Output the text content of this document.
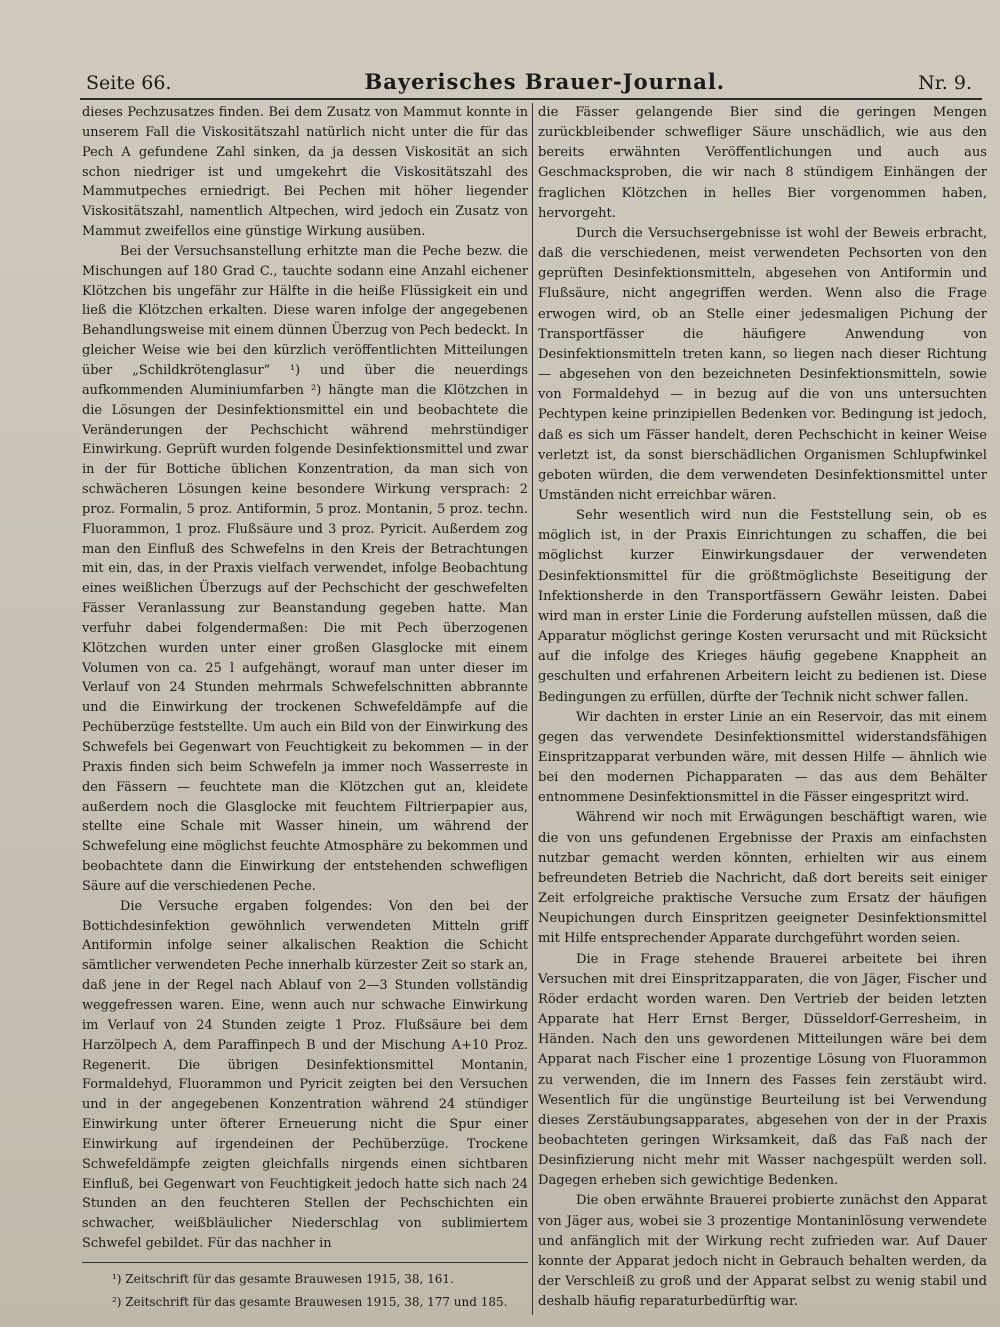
Seite 66.	Bayerisches Brauer-Journal.	Nr. 9.

dieses Pechzusatzes finden. Bei dem Zusatz von Mammut konnte in unserem Fall die Viskositätszahl natürlich nicht unter die für das Pech A gefundene Zahl sinken, da ja dessen Viskosität an sich schon niedriger ist und umgekehrt die Viskositätszahl des Mammutpeches erniedrigt. Bei Pechen mit höher liegender Viskositätszahl, namentlich Altpechen, wird jedoch ein Zusatz von Mammut zweifellos eine günstige Wirkung ausüben.

Bei der Versuchsanstellung erhitzte man die Peche bezw. die Mischungen auf 180 Grad C., tauchte sodann eine Anzahl eichener Klötzchen bis ungefähr zur Hälfte in die heiße Flüssigkeit ein und ließ die Klötzchen erkalten. Diese waren infolge der angegebenen Behandlungsweise mit einem dünnen Überzug von Pech bedeckt. In gleicher Weise wie bei den kürzlich veröffentlichten Mitteilungen über „Schildkrötenglasur“ ¹) und über die neuerdings aufkommenden Aluminiumfarben ²) hängte man die Klötzchen in die Lösungen der Desinfektionsmittel ein und beobachtete die Veränderungen der Pechschicht während mehrstündiger Einwirkung. Geprüft wurden folgende Desinfektionsmittel und zwar in der für Bottiche üblichen Konzentration, da man sich von schwächeren Lösungen keine besondere Wirkung versprach: 2 proz. Formalin, 5 proz. Antiformin, 5 proz. Montanin, 5 proz. techn. Fluorammon, 1 proz. Flußsäure und 3 proz. Pyricit. Außerdem zog man den Einfluß des Schwefelns in den Kreis der Betrachtungen mit ein, das, in der Praxis vielfach verwendet, infolge Beobachtung eines weißlichen Überzugs auf der Pechschicht der geschwefelten Fässer Veranlassung zur Beanstandung gegeben hatte. Man verfuhr dabei folgendermaßen: Die mit Pech überzogenen Klötzchen wurden unter einer großen Glasglocke mit einem Volumen von ca. 25 l aufgehängt, worauf man unter dieser im Verlauf von 24 Stunden mehrmals Schwefelschnitten abbrannte und die Einwirkung der trockenen Schwefeldämpfe auf die Pechüberzüge feststellte. Um auch ein Bild von der Einwirkung des Schwefels bei Gegenwart von Feuchtigkeit zu bekommen — in der Praxis finden sich beim Schwefeln ja immer noch Wasserreste in den Fässern — feuchtete man die Klötzchen gut an, kleidete außerdem noch die Glasglocke mit feuchtem Filtrierpapier aus, stellte eine Schale mit Wasser hinein, um während der Schwefelung eine möglichst feuchte Atmosphäre zu bekommen und beobachtete dann die Einwirkung der entstehenden schwefligen Säure auf die verschiedenen Peche.

Die Versuche ergaben folgendes: Von den bei der Bottichdesinfektion gewöhnlich verwendeten Mitteln griff Antiformin infolge seiner alkalischen Reaktion die Schicht sämtlicher verwendeten Peche innerhalb kürzester Zeit so stark an, daß jene in der Regel nach Ablauf von 2—3 Stunden vollständig weggefressen waren. Eine, wenn auch nur schwache Einwirkung im Verlauf von 24 Stunden zeigte 1 Proz. Flußsäure bei dem Harzölpech A, dem Paraffinpech B und der Mischung A+10 Proz. Regenerit. Die übrigen Desinfektionsmittel Montanin, Formaldehyd, Fluorammon und Pyricit zeigten bei den Versuchen und in der angegebenen Konzentration während 24 stündiger Einwirkung unter öfterer Erneuerung nicht die Spur einer Einwirkung auf irgendeinen der Pechüberzüge. Trockene Schwefeldämpfe zeigten gleichfalls nirgends einen sichtbaren Einfluß, bei Gegenwart von Feuchtigkeit jedoch hatte sich nach 24 Stunden an den feuchteren Stellen der Pechschichten ein schwacher, weißbläulicher Niederschlag von sublimiertem Schwefel gebildet. Für das nachher in

die Fässer gelangende Bier sind die geringen Mengen zurückbleibender schwefliger Säure unschädlich, wie aus den bereits erwähnten Veröffentlichungen und auch aus Geschmacksproben, die wir nach 8 stündigem Einhängen der fraglichen Klötzchen in helles Bier vorgenommen haben, hervorgeht.

Durch die Versuchsergebnisse ist wohl der Beweis erbracht, daß die verschiedenen, meist verwendeten Pechsorten von den geprüften Desinfektionsmitteln, abgesehen von Antiformin und Flußsäure, nicht angegriffen werden. Wenn also die Frage erwogen wird, ob an Stelle einer jedesmaligen Pichung der Transportfässer die häufigere Anwendung von Desinfektionsmitteln treten kann, so liegen nach dieser Richtung — abgesehen von den bezeichneten Desinfektionsmitteln, sowie von Formaldehyd — in bezug auf die von uns untersuchten Pechtypen keine prinzipiellen Bedenken vor. Bedingung ist jedoch, daß es sich um Fässer handelt, deren Pechschicht in keiner Weise verletzt ist, da sonst bierschädlichen Organismen Schlupfwinkel geboten würden, die dem verwendeten Desinfektionsmittel unter Umständen nicht erreichbar wären.

Sehr wesentlich wird nun die Feststellung sein, ob es möglich ist, in der Praxis Einrichtungen zu schaffen, die bei möglichst kurzer Einwirkungsdauer der verwendeten Desinfektionsmittel für die größtmöglichste Beseitigung der Infektionsherde in den Transportfässern Gewähr leisten. Dabei wird man in erster Linie die Forderung aufstellen müssen, daß die Apparatur möglichst geringe Kosten verursacht und mit Rücksicht auf die infolge des Krieges häufig gegebene Knappheit an geschulten und erfahrenen Arbeitern leicht zu bedienen ist. Diese Bedingungen zu erfüllen, dürfte der Technik nicht schwer fallen.

Wir dachten in erster Linie an ein Reservoir, das mit einem gegen das verwendete Desinfektionsmittel widerstandsfähigen Einspritzapparat verbunden wäre, mit dessen Hilfe — ähnlich wie bei den modernen Pichapparaten — das aus dem Behälter entnommene Desinfektionsmittel in die Fässer eingespritzt wird.

Während wir noch mit Erwägungen beschäftigt waren, wie die von uns gefundenen Ergebnisse der Praxis am einfachsten nutzbar gemacht werden könnten, erhielten wir aus einem befreundeten Betrieb die Nachricht, daß dort bereits seit einiger Zeit erfolgreiche praktische Versuche zum Ersatz der häufigen Neupichungen durch Einspritzen geeigneter Desinfektionsmittel mit Hilfe entsprechender Apparate durchgeführt worden seien.

Die in Frage stehende Brauerei arbeitete bei ihren Versuchen mit drei Einspritzapparaten, die von Jäger, Fischer und Röder erdacht worden waren. Den Vertrieb der beiden letzten Apparate hat Herr Ernst Berger, Düsseldorf-Gerresheim, in Händen. Nach den uns gewordenen Mitteilungen wäre bei dem Apparat nach Fischer eine 1 prozentige Lösung von Fluorammon zu verwenden, die im Innern des Fasses fein zerstäubt wird. Wesentlich für die ungünstige Beurteilung ist bei Verwendung dieses Zerstäubungsapparates, abgesehen von der in der Praxis beobachteten geringen Wirksamkeit, daß das Faß nach der Desinfizierung nicht mehr mit Wasser nachgespült werden soll. Dagegen erheben sich gewichtige Bedenken.

Die oben erwähnte Brauerei probierte zunächst den Apparat von Jäger aus, wobei sie 3 prozentige Montaninlösung verwendete und anfänglich mit der Wirkung recht zufrieden war. Auf Dauer konnte der Apparat jedoch nicht in Gebrauch behalten werden, da der Verschleiß zu groß und der Apparat selbst zu wenig stabil und deshalb häufig reparaturbedürftig war.

¹) Zeitschrift für das gesamte Brauwesen 1915, 38, 161.
²) Zeitschrift für das gesamte Brauwesen 1915, 38, 177 und 185.
